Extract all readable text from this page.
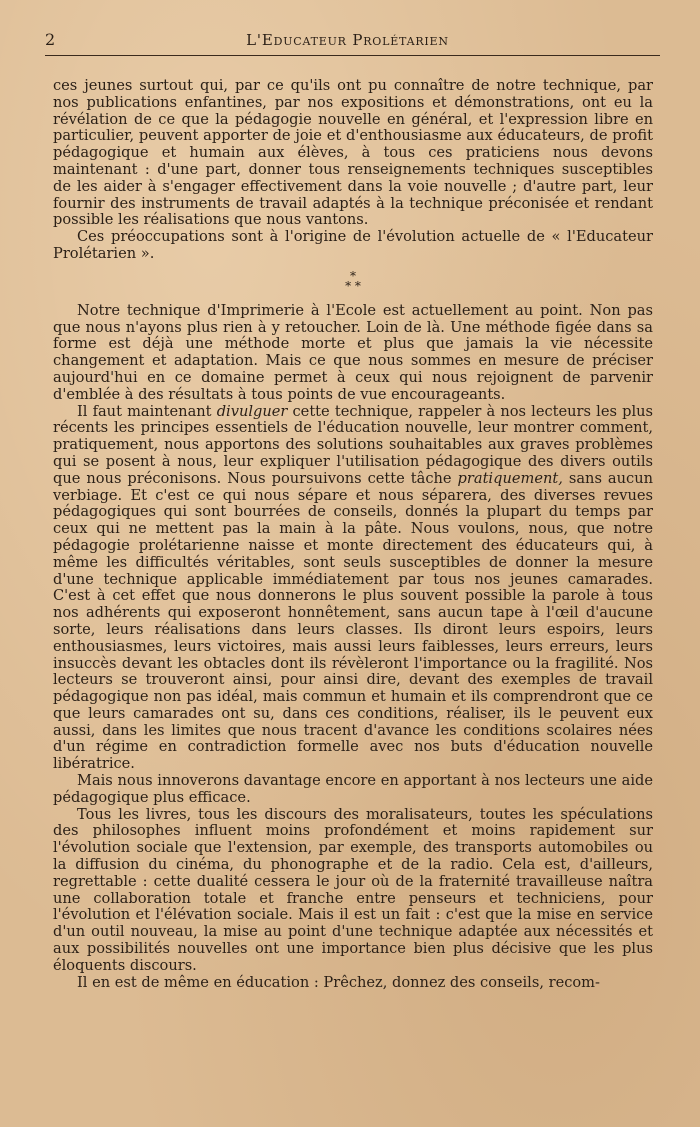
2	L'Educateur Prolétarien

ces jeunes surtout qui, par ce qu'ils ont pu connaître de notre technique, par nos publications enfantines, par nos expositions et démonstrations, ont eu la révélation de ce que la pédagogie nouvelle en général, et l'expression libre en particulier, peuvent apporter de joie et d'enthousiasme aux éducateurs, de profit pédagogique et humain aux élèves, à tous ces praticiens nous devons maintenant : d'une part, donner tous renseignements techniques susceptibles de les aider à s'engager effectivement dans la voie nouvelle ; d'autre part, leur fournir des instruments de travail adaptés à la technique préconisée et rendant possible les réalisations que nous vantons.

Ces préoccupations sont à l'origine de l'évolution actuelle de « l'Educateur Prolétarien ».

*
* *

Notre technique d'Imprimerie à l'Ecole est actuellement au point. Non pas que nous n'ayons plus rien à y retoucher. Loin de là. Une méthode figée dans sa forme est déjà une méthode morte et plus que jamais la vie nécessite changement et adaptation. Mais ce que nous sommes en mesure de préciser aujourd'hui en ce domaine permet à ceux qui nous rejoignent de parvenir d'emblée à des résultats à tous points de vue encourageants.

Il faut maintenant divulguer cette technique, rappeler à nos lecteurs les plus récents les principes essentiels de l'éducation nouvelle, leur montrer comment, pratiquement, nous apportons des solutions souhaitables aux graves problèmes qui se posent à nous, leur expliquer l'utilisation pédagogique des divers outils que nous préconisons. Nous poursuivons cette tâche pratiquement, sans aucun verbiage. Et c'est ce qui nous sépare et nous séparera, des diverses revues pédagogiques qui sont bourrées de conseils, donnés la plupart du temps par ceux qui ne mettent pas la main à la pâte. Nous voulons, nous, que notre pédagogie prolétarienne naisse et monte directement des éducateurs qui, à même les difficultés véritables, sont seuls susceptibles de donner la mesure d'une technique applicable immédiatement par tous nos jeunes camarades. C'est à cet effet que nous donnerons le plus souvent possible la parole à tous nos adhérents qui exposeront honnêtement, sans aucun tape à l'œil d'aucune sorte, leurs réalisations dans leurs classes. Ils diront leurs espoirs, leurs enthousiasmes, leurs victoires, mais aussi leurs faiblesses, leurs erreurs, leurs insuccès devant les obtacles dont ils révèleront l'importance ou la fragilité. Nos lecteurs se trouveront ainsi, pour ainsi dire, devant des exemples de travail pédagogique non pas idéal, mais commun et humain et ils comprendront que ce que leurs camarades ont su, dans ces conditions, réaliser, ils le peuvent eux aussi, dans les limites que nous tracent d'avance les conditions scolaires nées d'un régime en contradiction formelle avec nos buts d'éducation nouvelle libératrice.

Mais nous innoverons davantage encore en apportant à nos lecteurs une aide pédagogique plus efficace.

Tous les livres, tous les discours des moralisateurs, toutes les spéculations des philosophes influent moins profondément et moins rapidement sur l'évolution sociale que l'extension, par exemple, des transports automobiles ou la diffusion du cinéma, du phonographe et de la radio. Cela est, d'ailleurs, regrettable : cette dualité cessera le jour où de la fraternité travailleuse naîtra une collaboration totale et franche entre penseurs et techniciens, pour l'évolution et l'élévation sociale. Mais il est un fait : c'est que la mise en service d'un outil nouveau, la mise au point d'une technique adaptée aux nécessités et aux possibilités nouvelles ont une importance bien plus décisive que les plus éloquents discours.

Il en est de même en éducation : Prêchez, donnez des conseils, recom-
